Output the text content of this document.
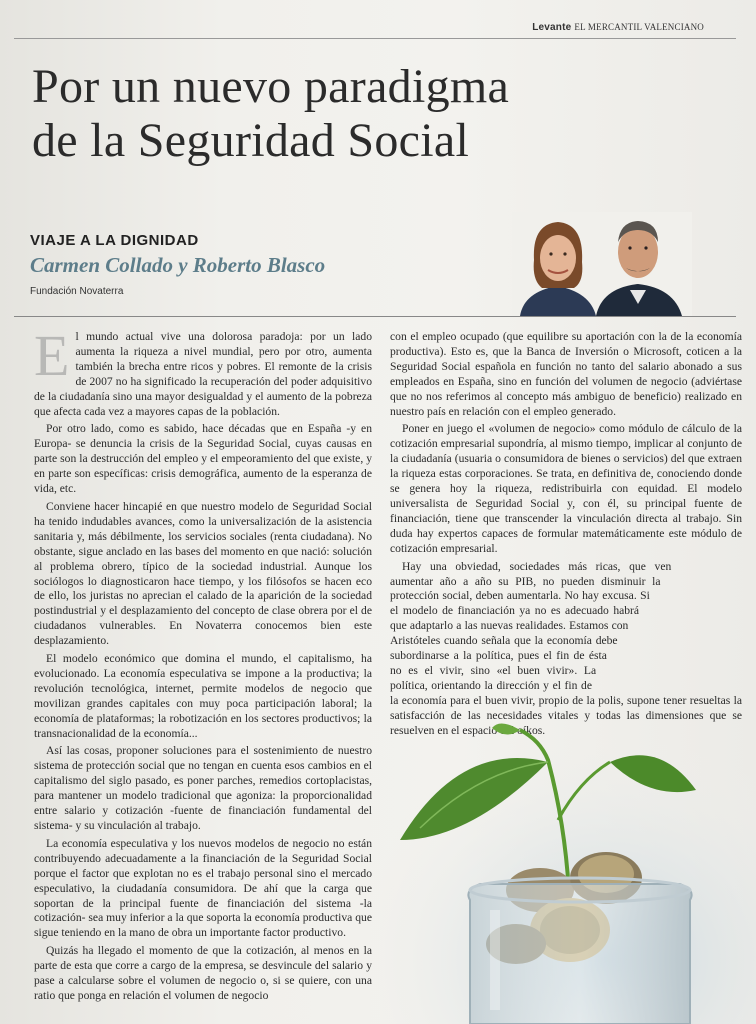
Levante EL MERCANTIL VALENCIANO
Por un nuevo paradigma
de la Seguridad Social
VIAJE A LA DIGNIDAD
Carmen Collado y Roberto Blasco
Fundación Novaterra

El mundo actual vive una dolorosa paradoja: por un lado aumenta la riqueza a nivel mundial, pero por otro, aumenta también la brecha entre ricos y pobres. El remonte de la crisis de 2007 no ha significado la recuperación del poder adquisitivo de la ciudadanía sino una mayor desigualdad y el aumento de la pobreza que afecta cada vez a mayores capas de la población.

Por otro lado, como es sabido, hace décadas que en España -y en Europa- se denuncia la crisis de la Seguridad Social, cuyas causas en parte son la destrucción del empleo y el empeoramiento del que existe, y en parte son específicas: crisis demográfica, aumento de la esperanza de vida, etc.

Conviene hacer hincapié en que nuestro modelo de Seguridad Social ha tenido indudables avances, como la universalización de la asistencia sanitaria y, más débilmente, los servicios sociales (renta ciudadana). No obstante, sigue anclado en las bases del momento en que nació: solución al problema obrero, típico de la sociedad industrial. Aunque los sociólogos lo diagnosticaron hace tiempo, y los filósofos se hacen eco de ello, los juristas no aprecian el calado de la aparición de la sociedad postindustrial y el desplazamiento del concepto de clase obrera por el de ciudadanos vulnerables. En Novaterra conocemos bien este desplazamiento.

El modelo económico que domina el mundo, el capitalismo, ha evolucionado. La economía especulativa se impone a la productiva; la revolución tecnológica, internet, permite modelos de negocio que movilizan grandes capitales con muy poca participación laboral; la economía de plataformas; la robotización en los sectores productivos; la transnacionalidad de la economía...

Así las cosas, proponer soluciones para el sostenimiento de nuestro sistema de protección social que no tengan en cuenta esos cambios en el capitalismo del siglo pasado, es poner parches, remedios cortoplacistas, para mantener un modelo tradicional que agoniza: la proporcionalidad entre salario y cotización -fuente de financiación fundamental del sistema- y su vinculación al trabajo.

La economía especulativa y los nuevos modelos de negocio no están contribuyendo adecuadamente a la financiación de la Seguridad Social porque el factor que explotan no es el trabajo personal sino el mercado especulativo, la ciudadanía consumidora. De ahí que la carga que soportan de la principal fuente de financiación del sistema -la cotización- sea muy inferior a la que soporta la economía productiva que sigue teniendo en la mano de obra un importante factor productivo.

Quizás ha llegado el momento de que la cotización, al menos en la parte de esta que corre a cargo de la empresa, se desvincule del salario y pase a calcularse sobre el volumen de negocio o, si se quiere, con una ratio que ponga en relación el volumen de negocio

con el empleo ocupado (que equilibre su aportación con la de la economía productiva). Esto es, que la Banca de Inversión o Microsoft, coticen a la Seguridad Social española en función no tanto del salario abonado a sus empleados en España, sino en función del volumen de negocio (adviértase que no nos referimos al concepto más ambiguo de beneficio) realizado en nuestro país en relación con el empleo generado.

Poner en juego el «volumen de negocio» como módulo de cálculo de la cotización empresarial supondría, al mismo tiempo, implicar al conjunto de la ciudadanía (usuaria o consumidora de bienes o servicios) del que extraen la riqueza estas corporaciones. Se trata, en definitiva de, conociendo donde se genera hoy la riqueza, redistribuirla con equidad. El modelo universalista de Seguridad Social y, con él, su principal fuente de financiación, tiene que transcender la vinculación directa al trabajo. Sin duda hay expertos capaces de formular matemáticamente este módulo de cotización empresarial.

Hay una obviedad, sociedades más ricas, que ven aumentar año a año su PIB, no pueden disminuir la protección social, deben aumentarla. No hay excusa. Si el modelo de financiación ya no es adecuado habrá que adaptarlo a las nuevas realidades. Estamos con Aristóteles cuando señala que la economía debe subordinarse a la política, pues el fin de ésta no es el vivir, sino «el buen vivir». La política, orientando la dirección y el fin de
